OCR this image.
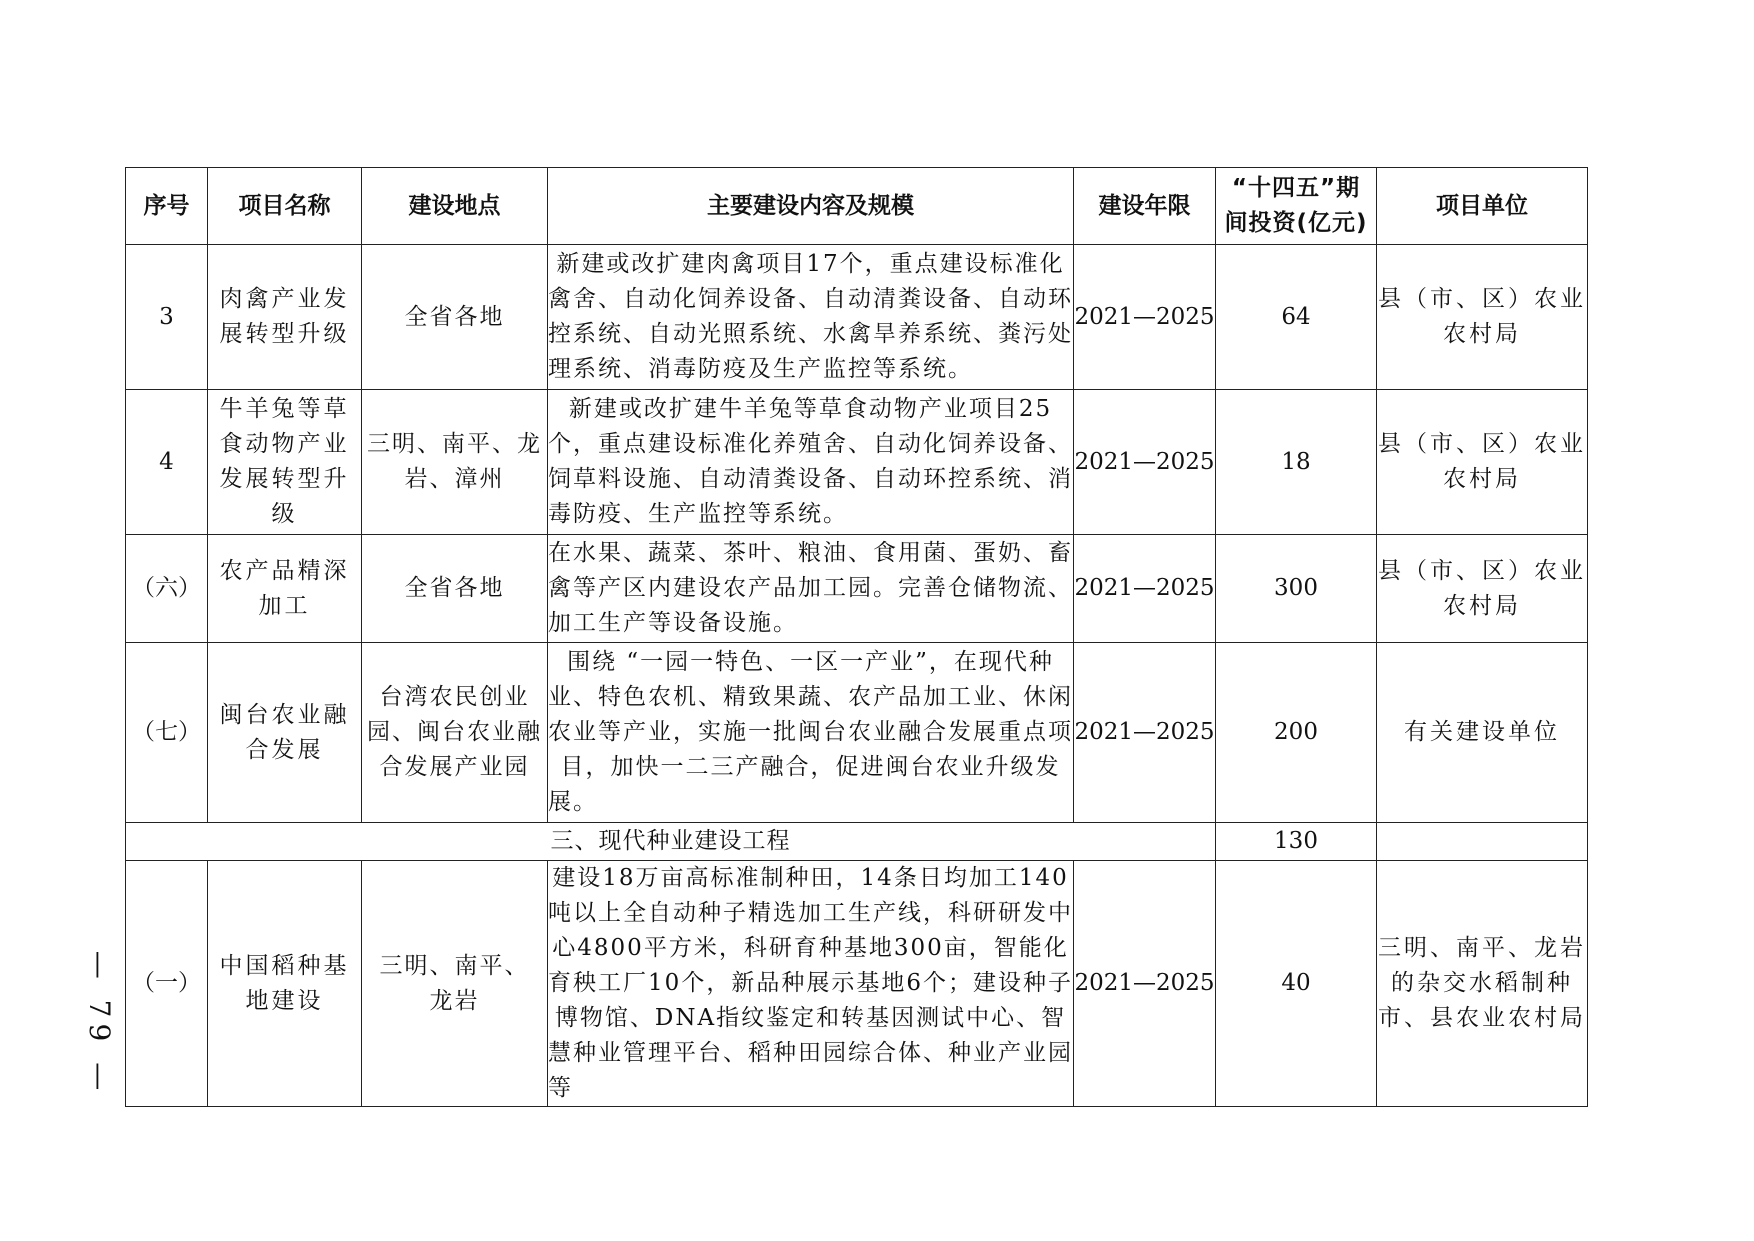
序号	项目名称	建设地点	主要建设内容及规模	建设年限	“十四五”期
间投资(亿元)	项目单位
3	肉禽产业发展转型升级	全省各地	新建或改扩建肉禽项目17个，重点建设标准化禽舍、自动化饲养设备、自动清粪设备、自动环控系统、自动光照系统、水禽旱养系统、粪污处理系统、消毒防疫及生产监控等系统。	2021—2025	64	县（市、区）农业农村局
4	牛羊兔等草食动物产业发展转型升级	三明、南平、龙岩、漳州	新建或改扩建牛羊兔等草食动物产业项目25个，重点建设标准化养殖舍、自动化饲养设备、饲草料设施、自动清粪设备、自动环控系统、消毒防疫、生产监控等系统。	2021—2025	18	县（市、区）农业农村局
（六）	农产品精深加工	全省各地	在水果、蔬菜、茶叶、粮油、食用菌、蛋奶、畜禽等产区内建设农产品加工园。完善仓储物流、加工生产等设备设施。	2021—2025	300	县（市、区）农业农村局
（七）	闽台农业融合发展	台湾农民创业园、闽台农业融合发展产业园	围绕 “一园一特色、一区一产业”，在现代种业、特色农机、精致果蔬、农产品加工业、休闲农业等产业，实施一批闽台农业融合发展重点项目，加快一二三产融合，促进闽台农业升级发展。	2021—2025	200	有关建设单位
三、现代种业建设工程					130	
（一）	中国稻种基地建设	三明、南平、龙岩	建设18万亩高标准制种田，14条日均加工140吨以上全自动种子精选加工生产线，科研研发中心4800平方米，科研育种基地300亩，智能化育秧工厂10个，新品种展示基地6个；建设种子博物馆、DNA指纹鉴定和转基因测试中心、智慧种业管理平台、稻种田园综合体、种业产业园等	2021—2025	40	三明、南平、龙岩的杂交水稻制种市、县农业农村局
— 79 —
